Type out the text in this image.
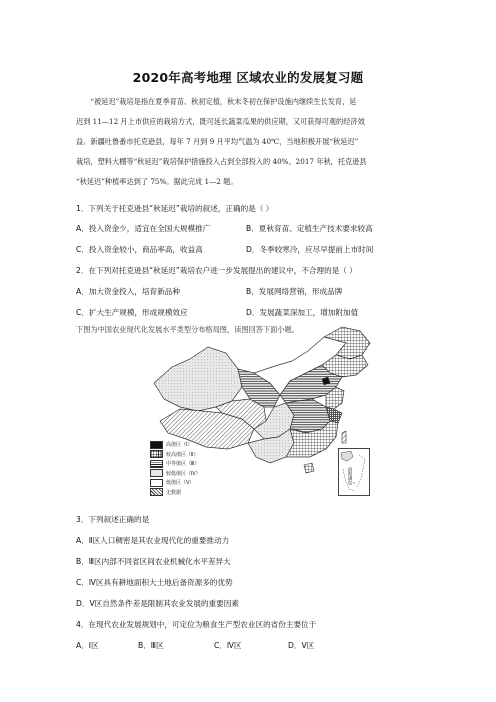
2020年高考地理 区域农业的发展复习题

“被延迟”栽培是指在夏季育苗、秋初定植，秋末冬初在保护设施内继续生长发育，延

迟到 11—12 月上市供应的栽培方式，既可延长蔬菜瓜果的供应期，又可获得可观的经济效

益。新疆吐鲁番市托克逊县，每年 7 月到 9 月平均气温为 40℃，当地积极开展“秋延迟”

栽培，塑料大棚等“秋延迟”栽培保护措施投入占到全部投入的 40%。2017 年秋，托克逊县

“秋延迟”种植率达到了 75%。据此完成 1—2 题。

1．下列关于托克逊县“秋延迟”栽培的叙述，正确的是（ ）
A．投入资金少，适宜在全国大规模推广	B．夏秋育苗、定植生产技术要求较高
C．投入资金较小，商品率高，收益高	D．冬季较寒冷，应尽早提前上市时间
2．在下列对托克逊县“秋延迟”栽培农户进一步发展提出的建议中，不合理的是（ ）
A．加大资金投入，培育新品种	B．发展网络营销，形成品牌
C．扩大生产规模，形成规模效应	D．发展蔬菜深加工，增加附加值
下图为中国农业现代化发展水平类型分布格局图，读图回答下面小题。
高值区（Ⅰ）
较高值区（Ⅱ）
中等值区（Ⅲ）
较低值区（Ⅳ）
低值区（Ⅴ）
无数据
南海诸岛
3．下列叙述正确的是
A．Ⅱ区人口稠密是其农业现代化的重要推动力
B．Ⅲ区内部不同省区间农业机械化水平差异大
C．Ⅳ区具有耕地面积大土地后备资源多的优势
D．Ⅴ区自然条件差是限制其农业发展的重要因素
4．在现代农业发展规划中，可定位为粮食生产型农业区的省份主要位于
A．Ⅰ区	B．Ⅲ区	C．Ⅳ区	D．Ⅴ区
